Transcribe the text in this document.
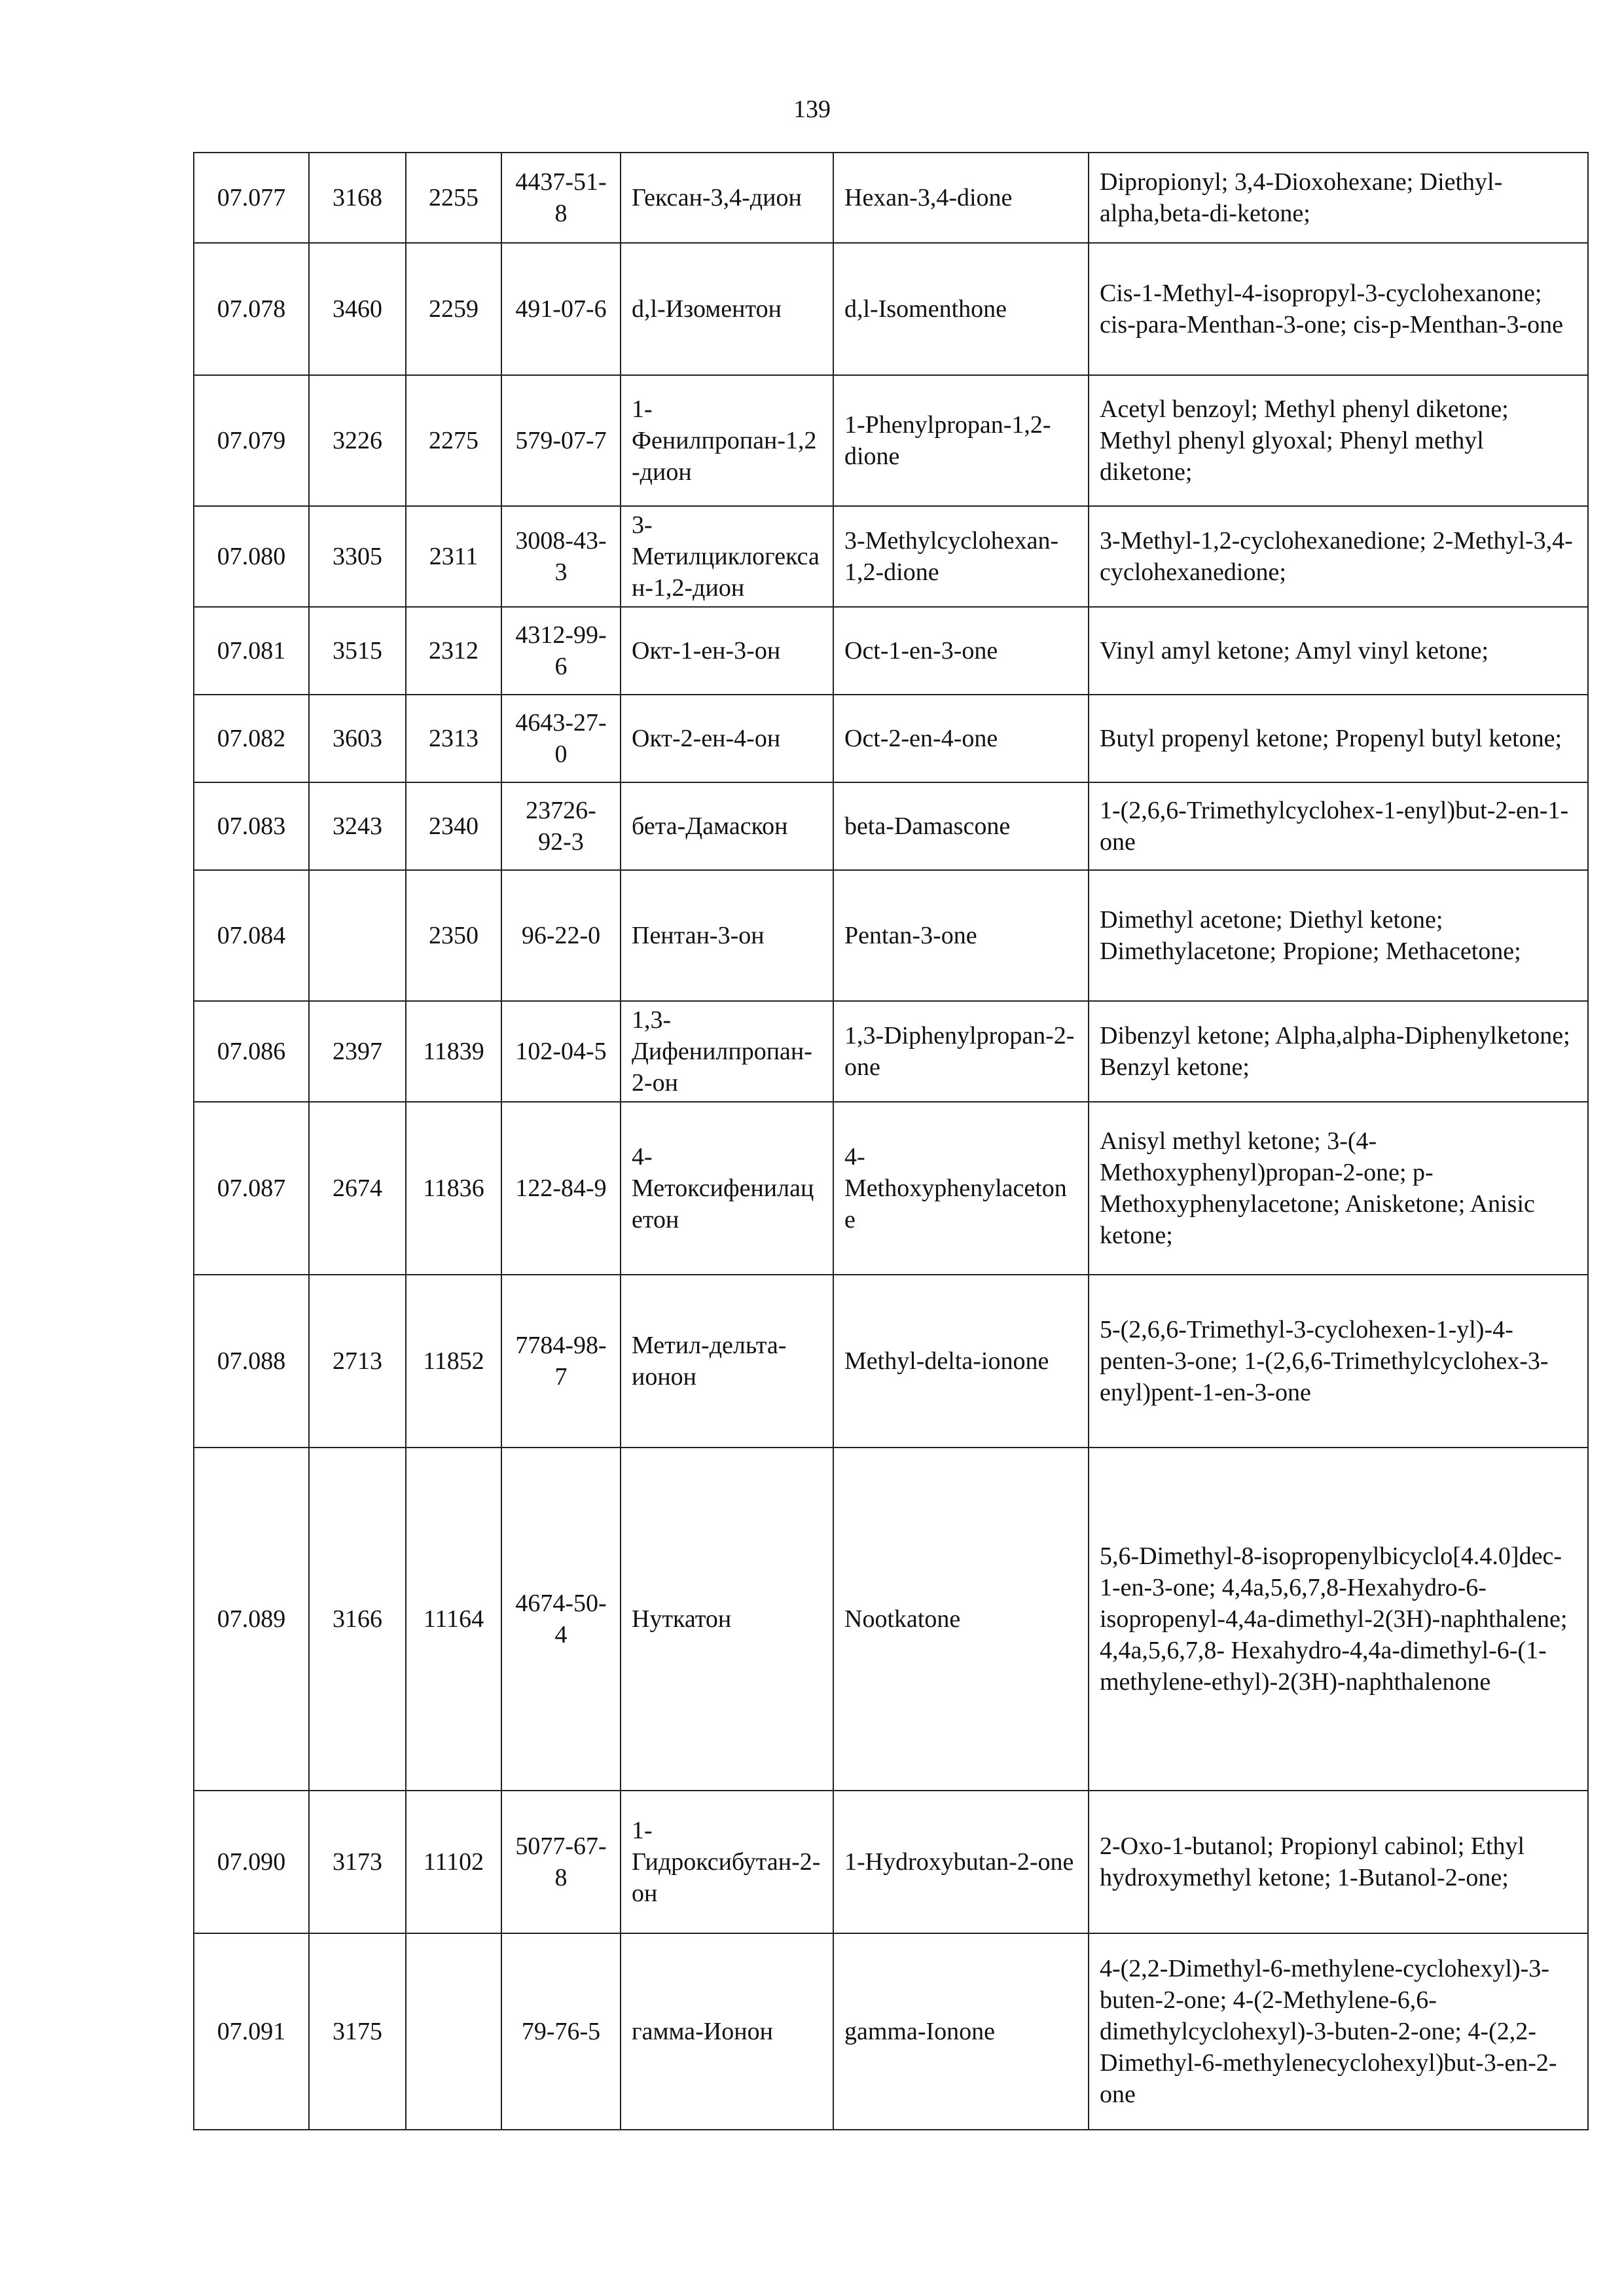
139
07.077	3168	2255	4437-51-8	Гексан-3,4-дион	Hexan-3,4-dione	Dipropionyl; 3,4-Dioxohexane; Diethyl-alpha,beta-di-ketone;
07.078	3460	2259	491-07-6	d,l-Изоментон	d,l-Isomenthone	Cis-1-Methyl-4-isopropyl-3-cyclohexanone; cis-para-Menthan-3-one; cis-p-Menthan-3-one
07.079	3226	2275	579-07-7	1-Фенилпропан-1,2-дион	1-Phenylpropan-1,2-dione	Acetyl benzoyl; Methyl phenyl diketone; Methyl phenyl glyoxal; Phenyl methyl diketone;
07.080	3305	2311	3008-43-3	3-Метилциклогексан-1,2-дион	3-Methylcyclohexan-1,2-dione	3-Methyl-1,2-cyclohexanedione; 2-Methyl-3,4-cyclohexanedione;
07.081	3515	2312	4312-99-6	Окт-1-ен-3-он	Oct-1-en-3-one	Vinyl amyl ketone; Amyl vinyl ketone;
07.082	3603	2313	4643-27-0	Окт-2-ен-4-он	Oct-2-en-4-one	Butyl propenyl ketone; Propenyl butyl ketone;
07.083	3243	2340	23726-92-3	бета-Дамаскон	beta-Damascone	1-(2,6,6-Trimethylcyclohex-1-enyl)but-2-en-1-one
07.084		2350	96-22-0	Пентан-3-он	Pentan-3-one	Dimethyl acetone; Diethyl ketone; Dimethylacetone; Propione; Methacetone;
07.086	2397	11839	102-04-5	1,3-Дифенилпропан-2-он	1,3-Diphenylpropan-2-one	Dibenzyl ketone; Alpha,alpha-Diphenylketone; Benzyl ketone;
07.087	2674	11836	122-84-9	4-Метоксифенилацетон	4-Methoxyphenylacetone	Anisyl methyl ketone; 3-(4-Methoxyphenyl)propan-2-one; p-Methoxyphenylacetone; Anisketone; Anisic ketone;
07.088	2713	11852	7784-98-7	Метил-дельта-ионон	Methyl-delta-ionone	5-(2,6,6-Trimethyl-3-cyclohexen-1-yl)-4-penten-3-one; 1-(2,6,6-Trimethylcyclohex-3-enyl)pent-1-en-3-one
07.089	3166	11164	4674-50-4	Нуткатон	Nootkatone	5,6-Dimethyl-8-isopropenylbicyclo[4.4.0]dec-1-en-3-one; 4,4a,5,6,7,8-Hexahydro-6-isopropenyl-4,4a-dimethyl-2(3H)-naphthalene; 4,4a,5,6,7,8- Hexahydro-4,4a-dimethyl-6-(1-methylene-ethyl)-2(3H)-naphthalenone
07.090	3173	11102	5077-67-8	1-Гидроксибутан-2-он	1-Hydroxybutan-2-one	2-Oxo-1-butanol; Propionyl cabinol; Ethyl hydroxymethyl ketone; 1-Butanol-2-one;
07.091	3175		79-76-5	гамма-Ионон	gamma-Ionone	4-(2,2-Dimethyl-6-methylene-cyclohexyl)-3-buten-2-one; 4-(2-Methylene-6,6-dimethylcyclohexyl)-3-buten-2-one; 4-(2,2-Dimethyl-6-methylenecyclohexyl)but-3-en-2-one
